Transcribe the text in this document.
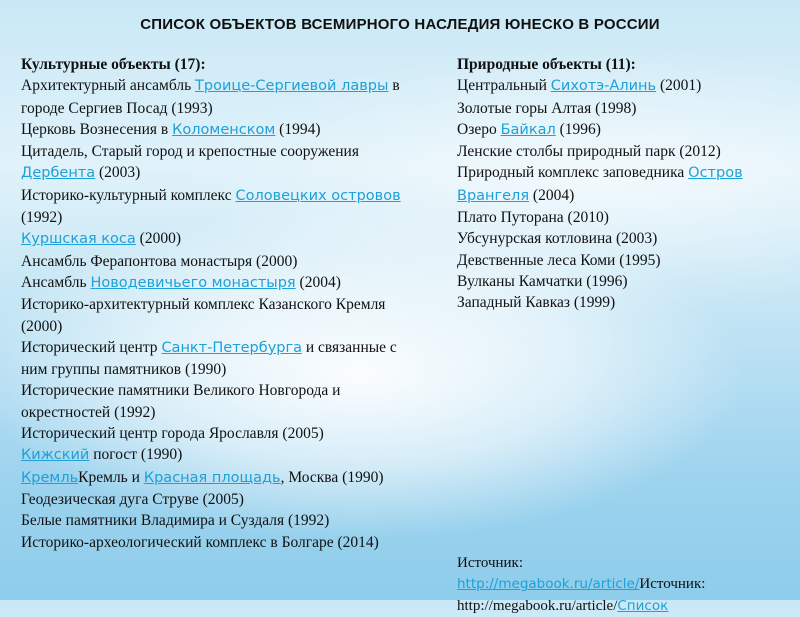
СПИСОК ОБЪЕКТОВ ВСЕМИРНОГО НАСЛЕДИЯ ЮНЕСКО В РОССИИ
Культурные объекты (17):
Архитектурный ансамбль Троице-Сергиевой лавры в городе Сергиев Посад (1993)
Церковь Вознесения в Коломенском (1994)
Цитадель, Старый город и крепостные сооружения Дербента (2003)
Историко-культурный комплекс Соловецких островов (1992)
Куршская коса (2000)
Ансамбль Ферапонтова монастыря (2000)
Ансамбль Новодевичьего монастыря (2004)
Историко-архитектурный комплекс Казанского Кремля (2000)
Исторический центр Санкт-Петербурга и связанные с ним группы памятников (1990)
Исторические памятники Великого Новгорода и окрестностей (1992)
Исторический центр города Ярославля (2005)
Кижский погост (1990)
КремльКремль и Красная площадь, Москва (1990)
Геодезическая дуга Струве (2005)
Белые памятники Владимира и Суздаля (1992)
Историко-археологический комплекс в Болгаре (2014)
Природные объекты (11):
Центральный Сихотэ-Алинь (2001)
Золотые горы Алтая (1998)
Озеро Байкал (1996)
Ленские столбы природный парк (2012)
Природный комплекс заповедника Остров Врангеля (2004)
Плато Путорана (2010)
Убсунурская котловина (2003)
Девственные леса Коми (1995)
Вулканы Камчатки (1996)
Западный Кавказ (1999)
Источник:
http://megabook.ru/article/Источник:
http://megabook.ru/article/Список
